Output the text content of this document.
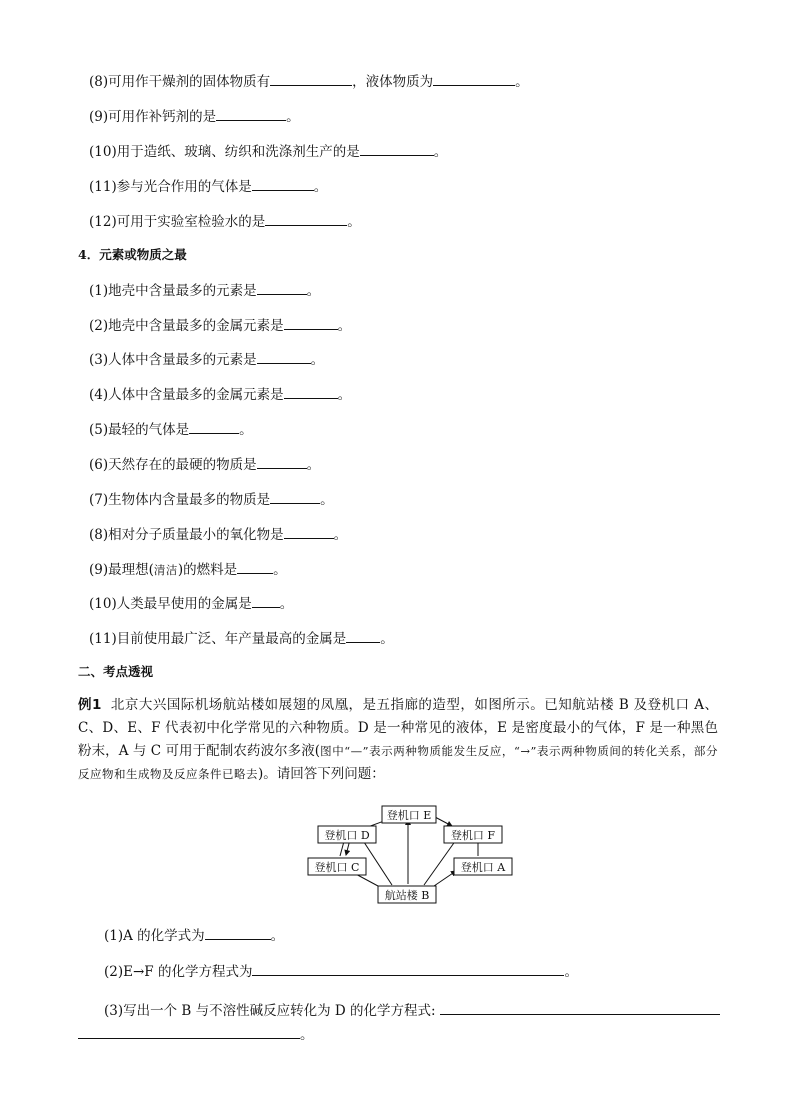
(8)可用作干燥剂的固体物质有	，液体物质为	。
(9)可用作补钙剂的是	。
(10)用于造纸、玻璃、纺织和洗涤剂生产的是	。
(11)参与光合作用的气体是	。
(12)可用于实验室检验水的是	。
4．元素或物质之最
(1)地壳中含量最多的元素是	。
(2)地壳中含量最多的金属元素是	。
(3)人体中含量最多的元素是	。
(4)人体中含量最多的金属元素是	。
(5)最轻的气体是	。
(6)天然存在的最硬的物质是	。
(7)生物体内含量最多的物质是	。
(8)相对分子质量最小的氧化物是	。
(9)最理想(清洁)的燃料是	。
(10)人类最早使用的金属是 。
(11)目前使用最广泛、年产量最高的金属是	。
二、考点透视
例1 北京大兴国际机场航站楼如展翅的凤凰，是五指廊的造型，如图所示。已知航站楼 B 及登机口 A、C、D、E、F 代表初中化学常见的六种物质。D 是一种常见的液体，E 是密度最小的气体，F 是一种黑色粉末，A 与 C 可用于配制农药波尔多液(图中“—”表示两种物质能发生反应，“→”表示两种物质间的转化关系，部分反应物和生成物及反应条件已略去)。请回答下列问题：
登机口 E
登机口 D	登机口 F
登机口 C	登机口 A
航站楼 B
(1)A 的化学式为	。
(2)E→F 的化学方程式为	。
(3)写出一个 B 与不溶性碱反应转化为 D 的化学方程式:
。
